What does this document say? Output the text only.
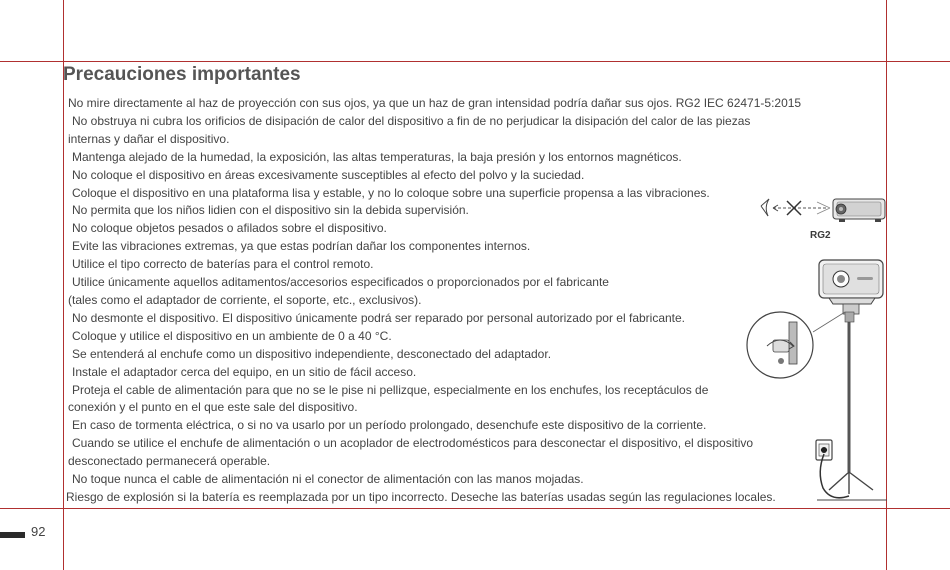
Precauciones importantes
No mire directamente al haz de proyección con sus ojos, ya que un haz de gran intensidad podría dañar sus ojos. RG2 IEC 62471-5:2015
No obstruya ni cubra los orificios de disipación de calor del dispositivo a fin de no perjudicar la disipación del calor de las piezas
internas y dañar el dispositivo.
Mantenga alejado de la humedad, la exposición, las altas temperaturas, la baja presión y los entornos magnéticos.
No coloque el dispositivo en áreas excesivamente susceptibles al efecto del polvo y la suciedad.
Coloque el dispositivo en una plataforma lisa y estable, y no lo coloque sobre una superficie propensa a las vibraciones.
No permita que los niños lidien con el dispositivo sin la debida supervisión.
No coloque objetos pesados o afilados sobre el dispositivo.
Evite las vibraciones extremas, ya que estas podrían dañar los componentes internos.
Utilice el tipo correcto de baterías para el control remoto.
Utilice únicamente aquellos aditamentos/accesorios especificados o proporcionados por el fabricante
(tales como el adaptador de corriente, el soporte, etc., exclusivos).
No desmonte el dispositivo. El dispositivo únicamente podrá ser reparado por personal autorizado por el fabricante.
Coloque y utilice el dispositivo en un ambiente de 0 a 40 °C.
Se entenderá al enchufe como un dispositivo independiente, desconectado del adaptador.
Instale el adaptador cerca del equipo, en un sitio de fácil acceso.
Proteja el cable de alimentación para que no se le pise ni pellizque, especialmente en los enchufes, los receptáculos de
conexión y el punto en el que este sale del dispositivo.
En caso de tormenta eléctrica, o si no va usarlo por un período prolongado, desenchufe este dispositivo de la corriente.
Cuando se utilice el enchufe de alimentación o un acoplador de electrodomésticos para desconectar el dispositivo, el dispositivo
desconectado permanecerá operable.
No toque nunca el cable de alimentación ni el conector de alimentación con las manos mojadas.
Riesgo de explosión si la batería es reemplazada por un tipo incorrecto. Deseche las baterías usadas según las regulaciones locales.
RG2
92
